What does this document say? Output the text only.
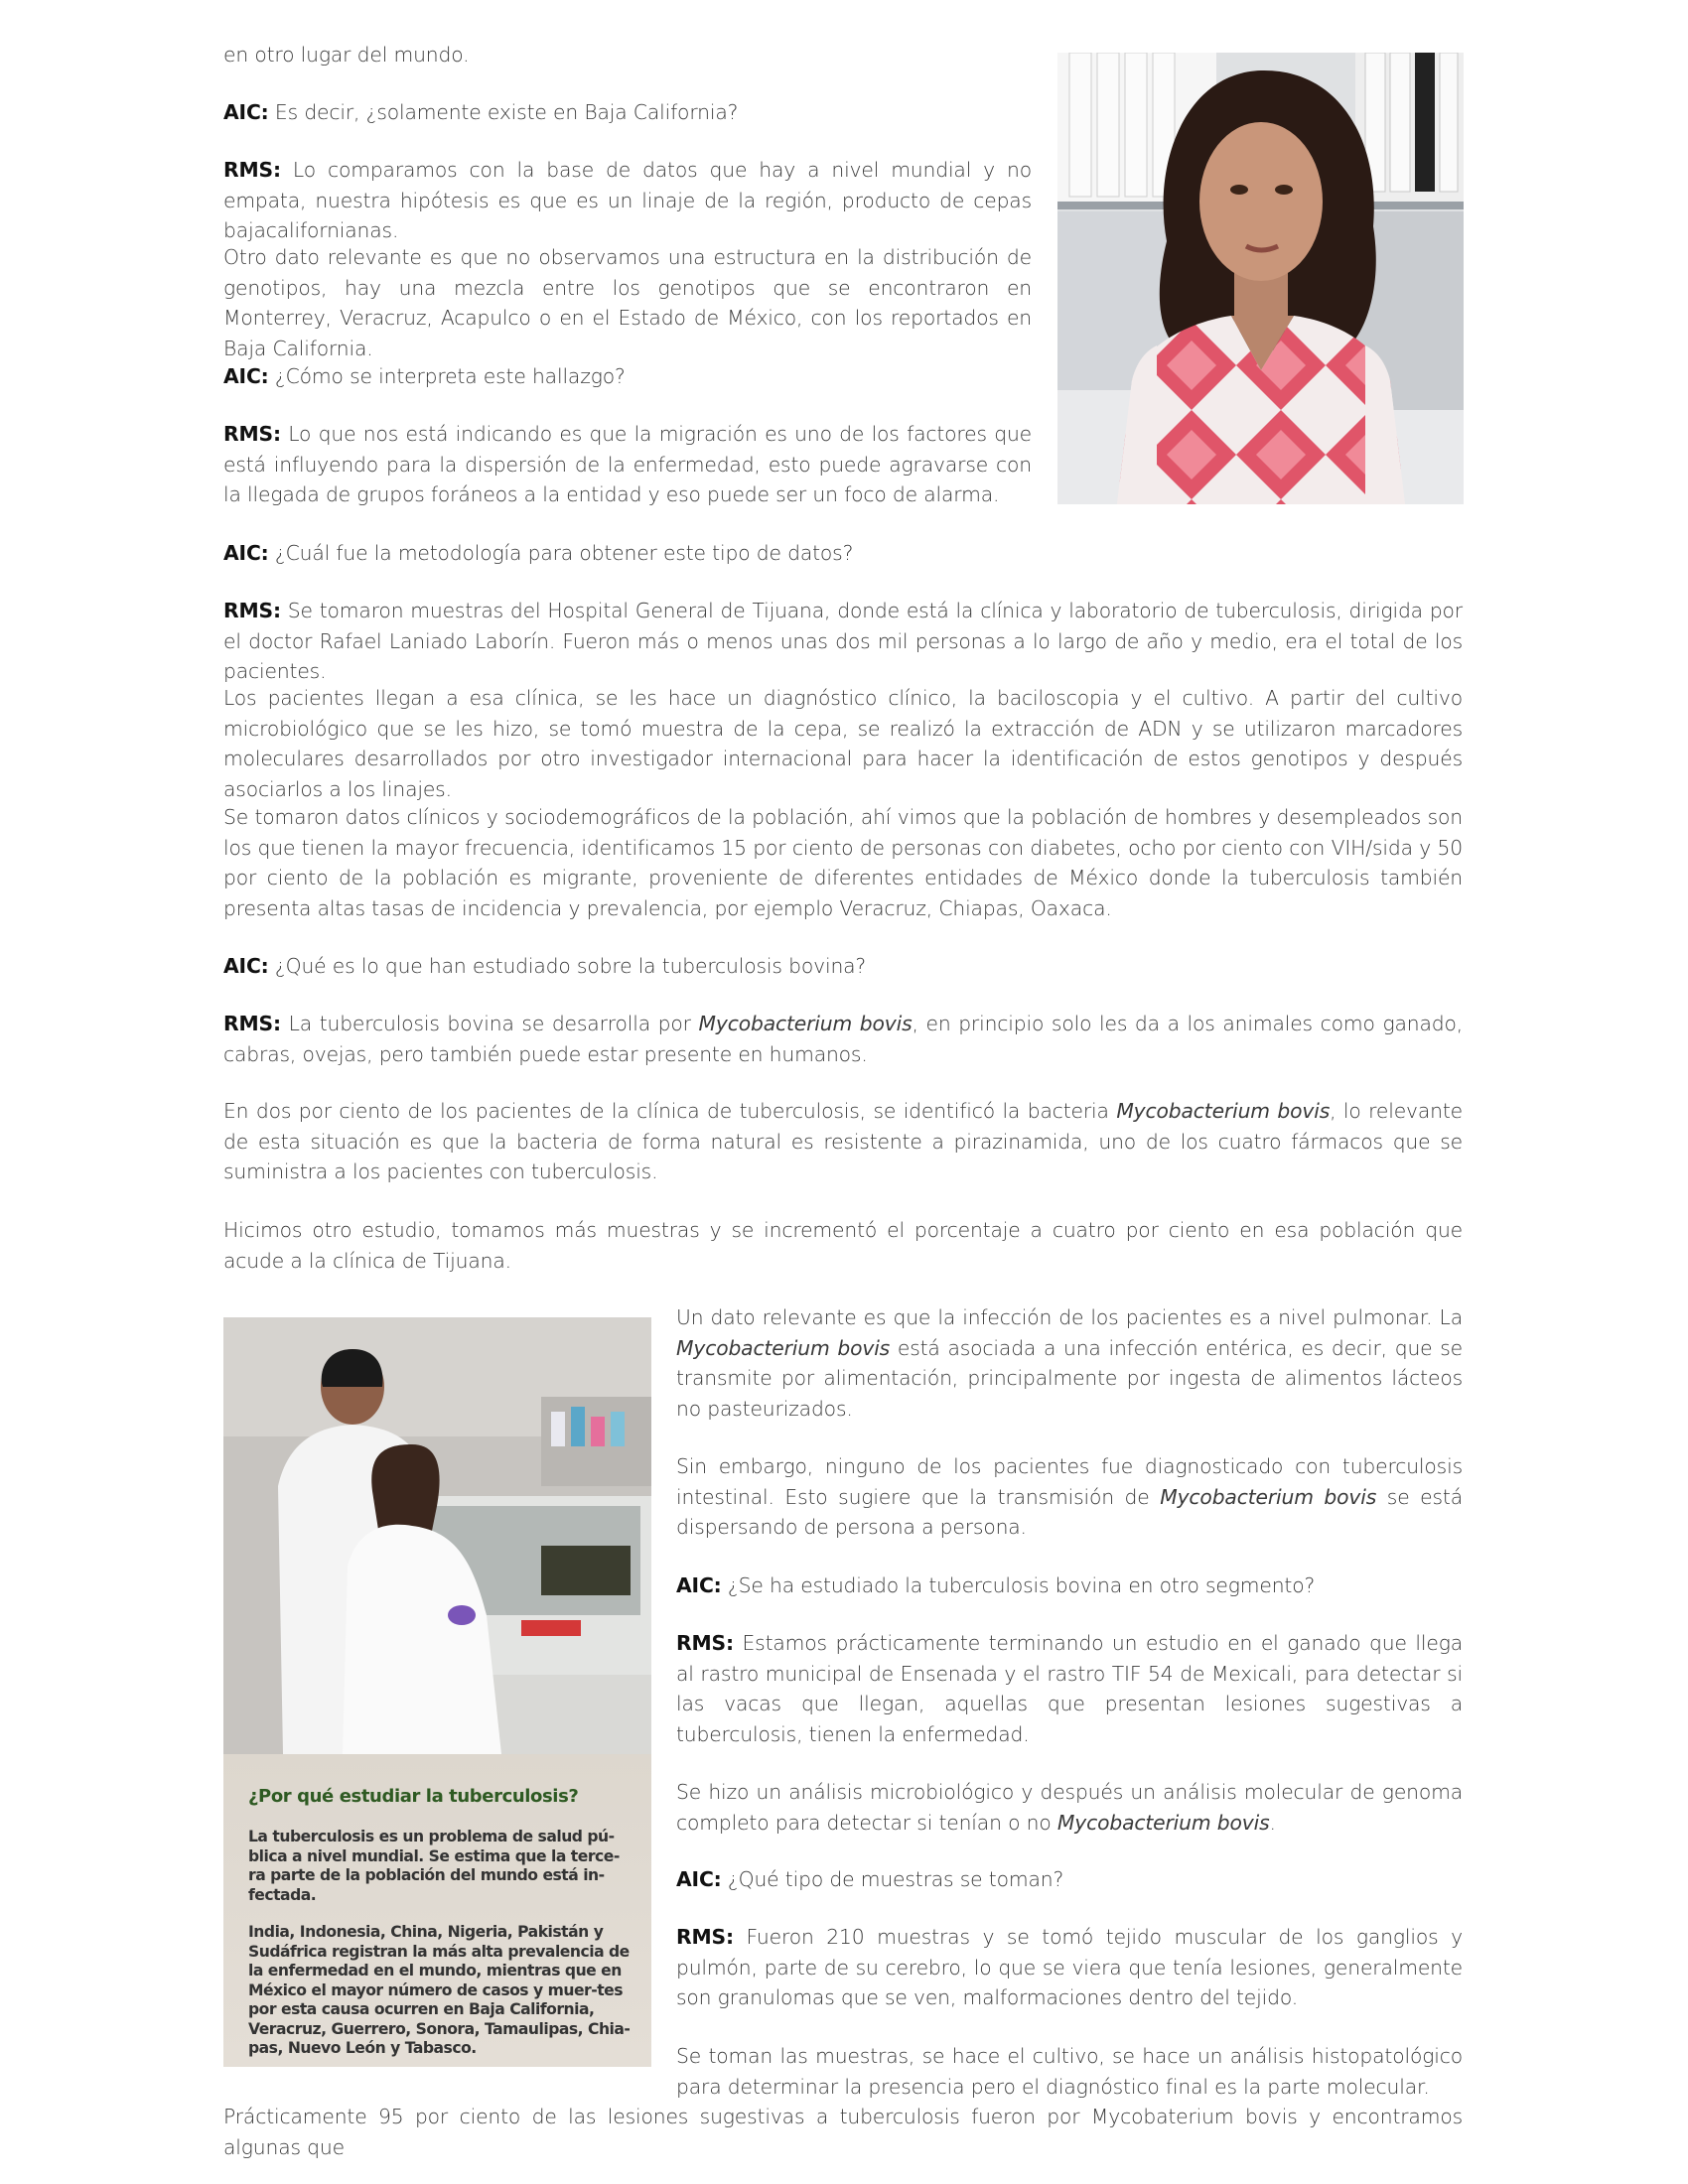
en otro lugar del mundo.

AIC: Es decir, ¿solamente existe en Baja California?

RMS: Lo comparamos con la base de datos que hay a nivel mundial y no empata, nuestra hipótesis es que es un linaje de la región, producto de cepas bajacalifornianas.

Otro dato relevante es que no observamos una estructura en la distribución de genotipos, hay una mezcla entre los genotipos que se encontraron en Monterrey, Veracruz, Acapulco o en el Estado de México, con los reportados en Baja California.

AIC: ¿Cómo se interpreta este hallazgo?

RMS: Lo que nos está indicando es que la migración es uno de los factores que está influyendo para la dispersión de la enfermedad, esto puede agravarse con la llegada de grupos foráneos a la entidad y eso puede ser un foco de alarma.

AIC: ¿Cuál fue la metodología para obtener este tipo de datos?

RMS: Se tomaron muestras del Hospital General de Tijuana, donde está la clínica y laboratorio de tuberculosis, dirigida por el doctor Rafael Laniado Laborín. Fueron más o menos unas dos mil personas a lo largo de año y medio, era el total de los pacientes.

Los pacientes llegan a esa clínica, se les hace un diagnóstico clínico, la baciloscopia y el cultivo. A partir del cultivo microbiológico que se les hizo, se tomó muestra de la cepa, se realizó la extracción de ADN y se utilizaron marcadores moleculares desarrollados por otro investigador internacional para hacer la identificación de estos genotipos y después asociarlos a los linajes.

Se tomaron datos clínicos y sociodemográficos de la población, ahí vimos que la población de hombres y desempleados son los que tienen la mayor frecuencia, identificamos 15 por ciento de personas con diabetes, ocho por ciento con VIH/sida y 50 por ciento de la población es migrante, proveniente de diferentes entidades de México donde la tuberculosis también presenta altas tasas de incidencia y prevalencia, por ejemplo Veracruz, Chiapas, Oaxaca.

AIC: ¿Qué es lo que han estudiado sobre la tuberculosis bovina?

RMS: La tuberculosis bovina se desarrolla por Mycobacterium bovis, en principio solo les da a los animales como ganado, cabras, ovejas, pero también puede estar presente en humanos.

En dos por ciento de los pacientes de la clínica de tuberculosis, se identificó la bacteria Mycobacterium bovis, lo relevante de esta situación es que la bacteria de forma natural es resistente a pirazinamida, uno de los cuatro fármacos que se suministra a los pacientes con tuberculosis.

Hicimos otro estudio, tomamos más muestras y se incrementó el porcentaje a cuatro por ciento en esa población que acude a la clínica de Tijuana.

Un dato relevante es que la infección de los pacientes es a nivel pulmonar. La Mycobacterium bovis está asociada a una infección entérica, es decir, que se transmite por alimentación, principalmente por ingesta de alimentos lácteos no pasteurizados.

Sin embargo, ninguno de los pacientes fue diagnosticado con tuberculosis intestinal. Esto sugiere que la transmisión de Mycobacterium bovis se está dispersando de persona a persona.

AIC: ¿Se ha estudiado la tuberculosis bovina en otro segmento?

RMS: Estamos prácticamente terminando un estudio en el ganado que llega al rastro municipal de Ensenada y el rastro TIF 54 de Mexicali, para detectar si las vacas que llegan, aquellas que presentan lesiones sugestivas a tuberculosis, tienen la enfermedad.

Se hizo un análisis microbiológico y después un análisis molecular de genoma completo para detectar si tenían o no Mycobacterium bovis.

AIC: ¿Qué tipo de muestras se toman?

RMS: Fueron 210 muestras y se tomó tejido muscular de los ganglios y pulmón, parte de su cerebro, lo que se viera que tenía lesiones, generalmente son granulomas que se ven, malformaciones dentro del tejido.

Se toman las muestras, se hace el cultivo, se hace un análisis histopatológico para determinar la presencia pero el diagnóstico final es la parte molecular.

Prácticamente 95 por ciento de las lesiones sugestivas a tuberculosis fueron por Mycobaterium bovis y encontramos algunas que

¿Por qué estudiar la tuberculosis?

La tuberculosis es un problema de salud pú-blica a nivel mundial. Se estima que la terce-ra parte de la población del mundo está in-fectada.

India, Indonesia, China, Nigeria, Pakistán y Sudáfrica registran la más alta prevalencia de la enfermedad en el mundo, mientras que en México el mayor número de casos y muer-tes por esta causa ocurren en Baja California, Veracruz, Guerrero, Sonora, Tamaulipas, Chia-pas, Nuevo León y Tabasco.
